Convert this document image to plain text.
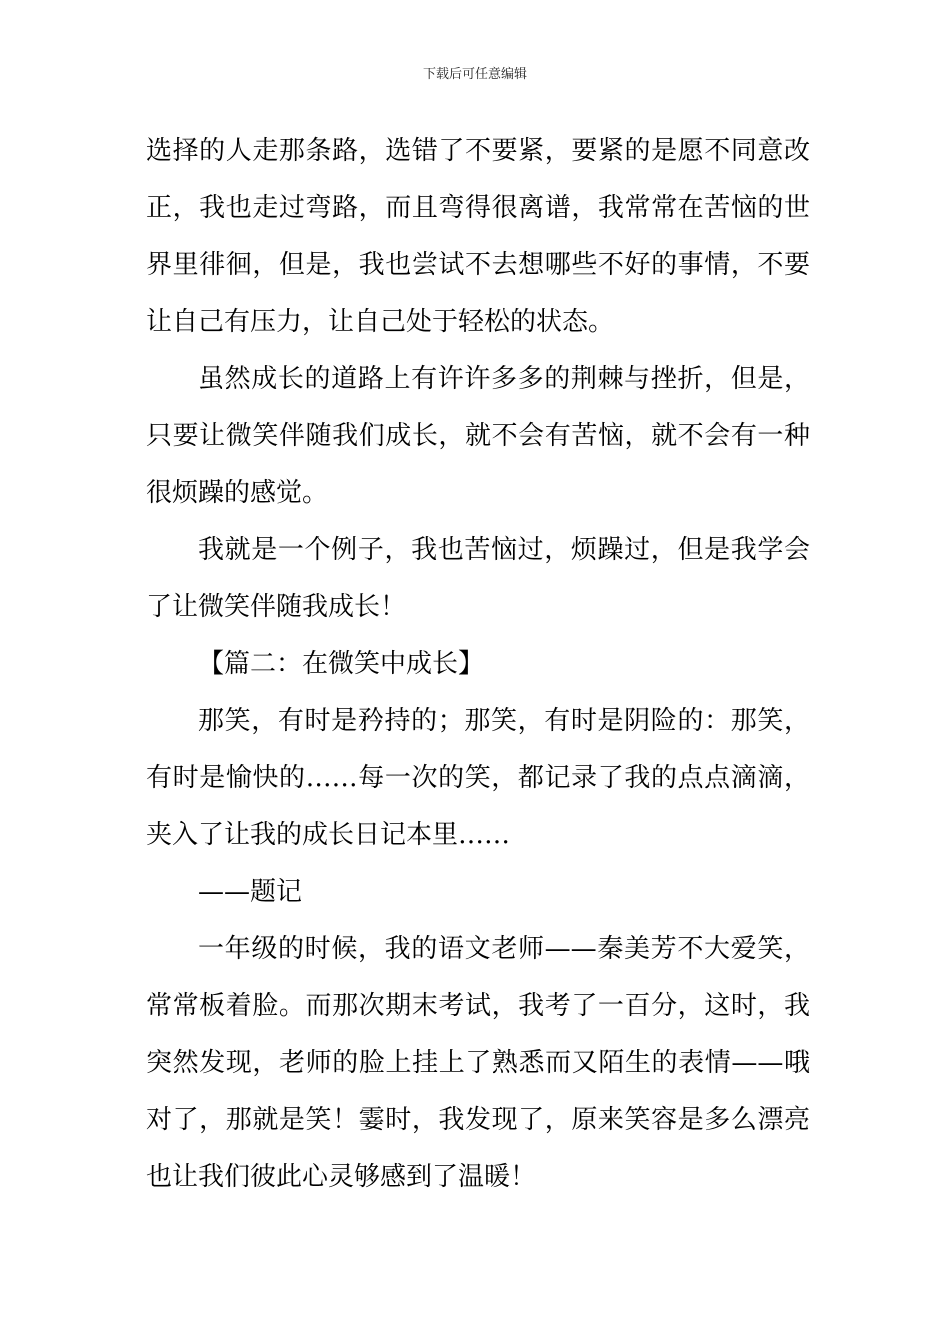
下载后可任意编辑
选择的人走那条路，选错了不要紧，要紧的是愿不同意改
正，我也走过弯路，而且弯得很离谱，我常常在苦恼的世
界里徘徊，但是，我也尝试不去想哪些不好的事情，不要
让自己有压力，让自己处于轻松的状态。
虽然成长的道路上有许许多多的荆棘与挫折，但是，
只要让微笑伴随我们成长，就不会有苦恼，就不会有一种
很烦躁的感觉。
我就是一个例子，我也苦恼过，烦躁过，但是我学会
了让微笑伴随我成长！
【篇二：在微笑中成长】
那笑，有时是矜持的；那笑，有时是阴险的：那笑，
有时是愉快的……每一次的笑，都记录了我的点点滴滴，
夹入了让我的成长日记本里……
——题记
一年级的时候，我的语文老师——秦美芳不大爱笑，
常常板着脸。而那次期末考试，我考了一百分，这时，我
突然发现，老师的脸上挂上了熟悉而又陌生的表情——哦
对了，那就是笑！霎时，我发现了，原来笑容是多么漂亮
也让我们彼此心灵够感到了温暖！
